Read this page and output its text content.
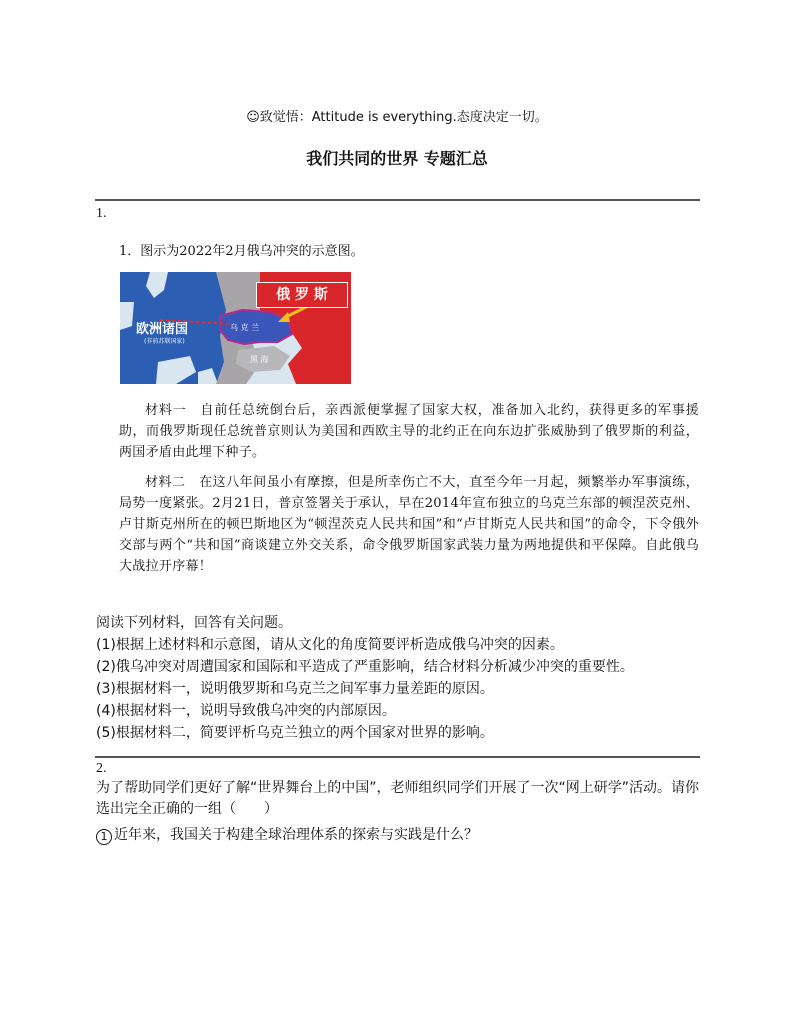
☺致觉悟：Attitude is everything.态度决定一切。
我们共同的世界 专题汇总
1.
1．图示为2022年2月俄乌冲突的示意图。
俄 罗 斯
欧洲诸国
(非前苏联国家)
乌 克 兰
黑 海

材料一　自前任总统倒台后，亲西派便掌握了国家大权，准备加入北约，获得更多的军事援助，而俄罗斯现任总统普京则认为美国和西欧主导的北约正在向东边扩张威胁到了俄罗斯的利益，两国矛盾由此埋下种子。

材料二　在这八年间虽小有摩擦，但是所幸伤亡不大，直至今年一月起，频繁举办军事演练，局势一度紧张。2月21日，普京签署关于承认，早在2014年宣布独立的乌克兰东部的顿涅茨克州、卢甘斯克州所在的顿巴斯地区为“顿涅茨克人民共和国”和“卢甘斯克人民共和国”的命令，下令俄外交部与两个“共和国”商谈建立外交关系，命令俄罗斯国家武装力量为两地提供和平保障。自此俄乌大战拉开序幕！

阅读下列材料，回答有关问题。
(1)根据上述材料和示意图，请从文化的角度简要评析造成俄乌冲突的因素。
(2)俄乌冲突对周遭国家和国际和平造成了严重影响，结合材料分析减少冲突的重要性。
(3)根据材料一，说明俄罗斯和乌克兰之间军事力量差距的原因。
(4)根据材料一，说明导致俄乌冲突的内部原因。
(5)根据材料二，简要评析乌克兰独立的两个国家对世界的影响。
2.

为了帮助同学们更好了解“世界舞台上的中国”，老师组织同学们开展了一次“网上研学”活动。请你选出完全正确的一组（　　）

1 近年来，我国关于构建全球治理体系的探索与实践是什么？
